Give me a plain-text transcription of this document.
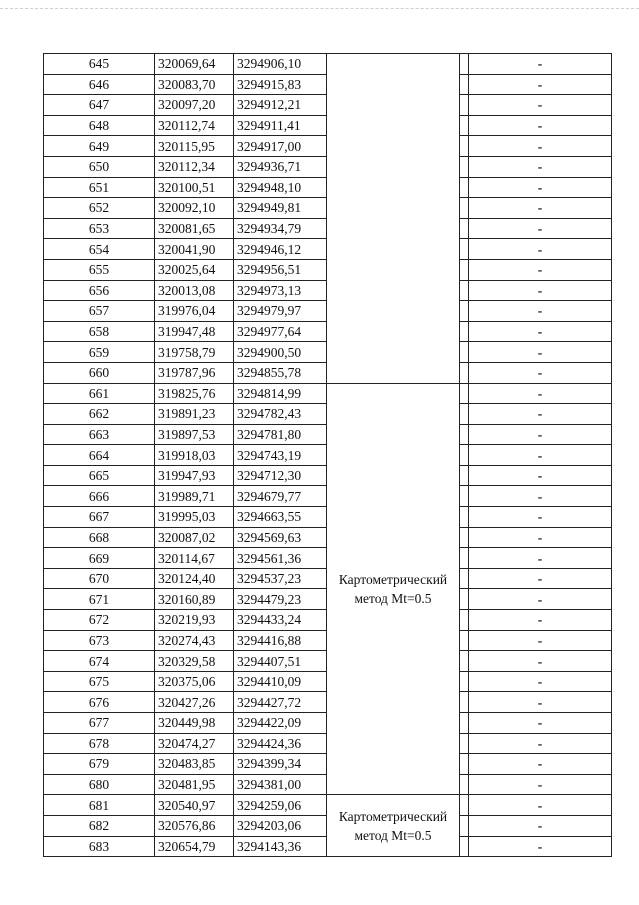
645	320069,64	3294906,10			-
646	320083,70	3294915,83			-
647	320097,20	3294912,21			-
648	320112,74	3294911,41			-
649	320115,95	3294917,00			-
650	320112,34	3294936,71			-
651	320100,51	3294948,10			-
652	320092,10	3294949,81			-
653	320081,65	3294934,79			-
654	320041,90	3294946,12			-
655	320025,64	3294956,51			-
656	320013,08	3294973,13			-
657	319976,04	3294979,97			-
658	319947,48	3294977,64			-
659	319758,79	3294900,50			-
660	319787,96	3294855,78			-
661	319825,76	3294814,99	Картометрический метод Mt=0.5		-
662	319891,23	3294782,43			-
663	319897,53	3294781,80			-
664	319918,03	3294743,19			-
665	319947,93	3294712,30			-
666	319989,71	3294679,77			-
667	319995,03	3294663,55			-
668	320087,02	3294569,63			-
669	320114,67	3294561,36			-
670	320124,40	3294537,23			-
671	320160,89	3294479,23			-
672	320219,93	3294433,24			-
673	320274,43	3294416,88			-
674	320329,58	3294407,51			-
675	320375,06	3294410,09			-
676	320427,26	3294427,72			-
677	320449,98	3294422,09			-
678	320474,27	3294424,36			-
679	320483,85	3294399,34			-
680	320481,95	3294381,00			-
681	320540,97	3294259,06	Картометрический метод Mt=0.5		-
682	320576,86	3294203,06			-
683	320654,79	3294143,36			-
